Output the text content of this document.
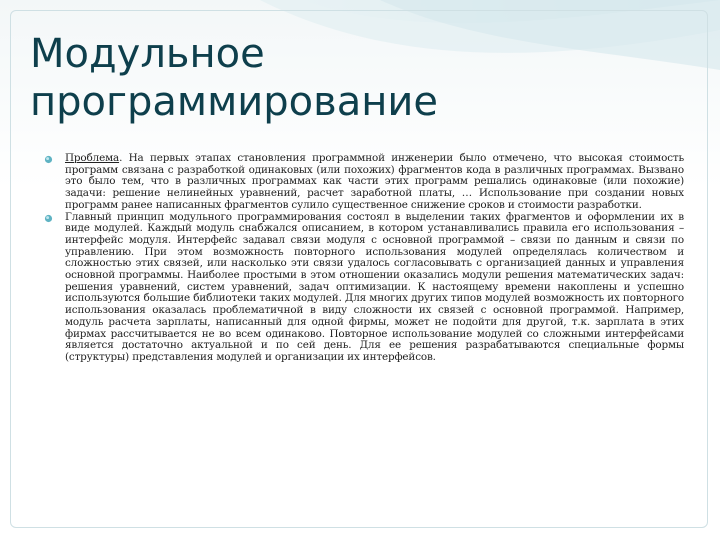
Модульное
программирование
Проблема. На первых этапах становления программной инженерии было отмечено, что высокая стоимость программ связана с разработкой одинаковых (или похожих) фрагментов кода в различных программах. Вызвано это было тем, что в различных программах как части этих программ решались одинаковые (или похожие) задачи: решение нелинейных уравнений, расчет заработной платы, … Использование при создании новых программ ранее написанных фрагментов сулило существенное снижение сроков и стоимости разработки.
Главный принцип модульного программирования состоял в выделении таких фрагментов и оформлении их в виде модулей. Каждый модуль снабжался описанием, в котором устанавливались правила его использования – интерфейс модуля. Интерфейс задавал связи модуля с основной программой – связи по данным и связи по управлению. При этом возможность повторного использования модулей определялась количеством и сложностью этих связей, или насколько эти связи удалось согласовывать с организацией данных и управления основной программы. Наиболее простыми в этом отношении оказались модули решения математических задач: решения уравнений, систем уравнений, задач оптимизации. К настоящему времени накоплены и успешно используются большие библиотеки таких модулей. Для многих других типов модулей возможность их повторного использования оказалась проблематичной в виду сложности их связей с основной программой. Например, модуль расчета зарплаты, написанный для одной фирмы, может не подойти для другой, т.к. зарплата в этих фирмах рассчитывается не во всем одинаково. Повторное использование модулей со сложными интерфейсами является достаточно актуальной и по сей день. Для ее решения разрабатываются специальные формы (структуры) представления модулей и организации их интерфейсов.
